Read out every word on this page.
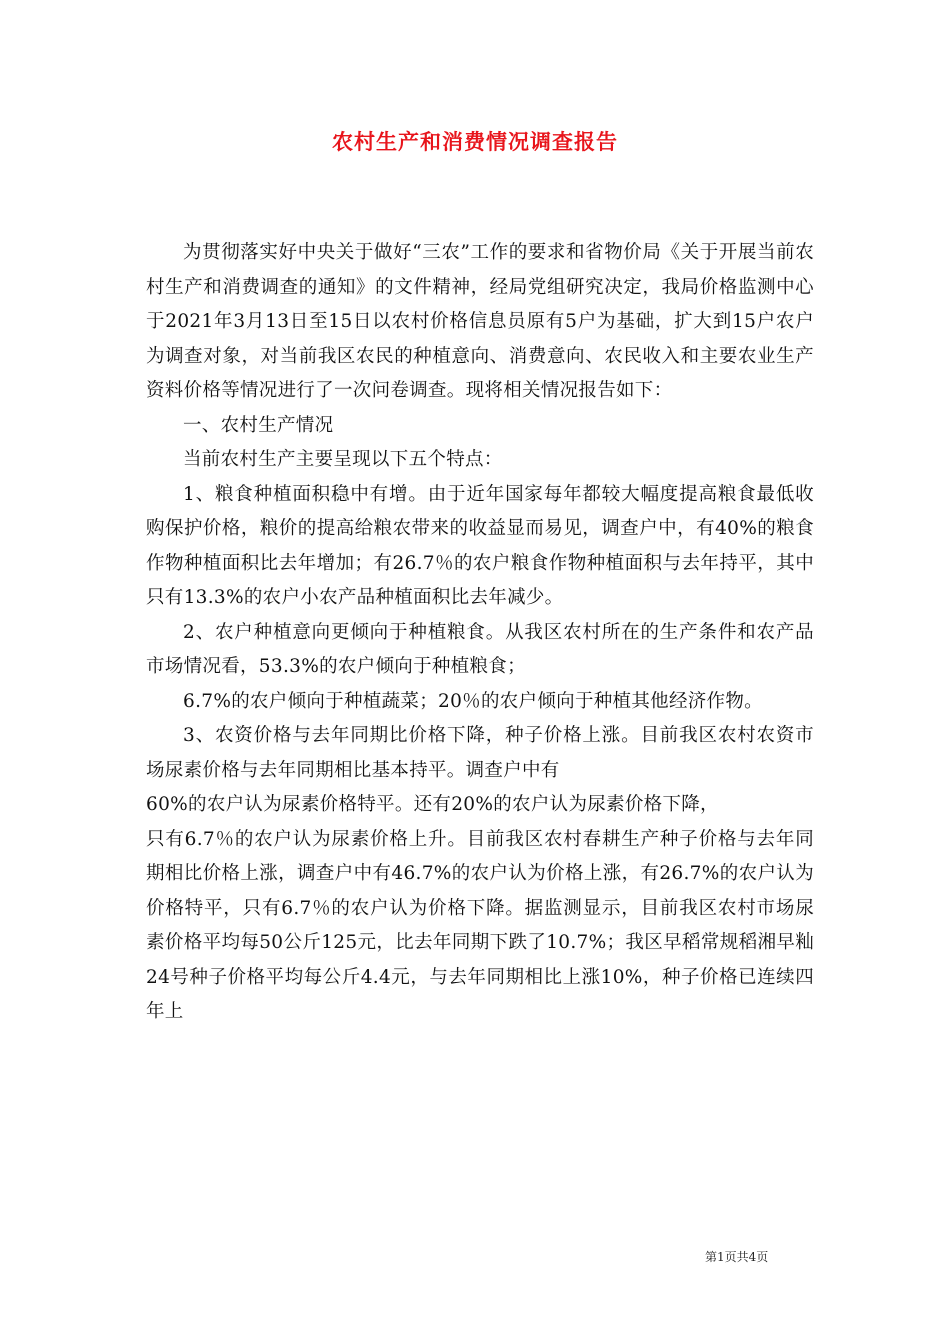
农村生产和消费情况调查报告

为贯彻落实好中央关于做好“三农”工作的要求和省物价局《关于开展当前农村生产和消费调查的通知》的文件精神，经局党组研究决定，我局价格监测中心于2021年3月13日至15日以农村价格信息员原有5户为基础，扩大到15户农户为调查对象，对当前我区农民的种植意向、消费意向、农民收入和主要农业生产资料价格等情况进行了一次问卷调查。现将相关情况报告如下：

一、农村生产情况

当前农村生产主要呈现以下五个特点：

1、粮食种植面积稳中有增。由于近年国家每年都较大幅度提高粮食最低收购保护价格，粮价的提高给粮农带来的收益显而易见，调查户中，有40%的粮食作物种植面积比去年增加；有26.7％的农户粮食作物种植面积与去年持平，其中只有13.3%的农户小农产品种植面积比去年减少。

2、农户种植意向更倾向于种植粮食。从我区农村所在的生产条件和农产品市场情况看，53.3%的农户倾向于种植粮食；

6.7%的农户倾向于种植蔬菜；20％的农户倾向于种植其他经济作物。

3、农资价格与去年同期比价格下降，种子价格上涨。目前我区农村农资市场尿素价格与去年同期相比基本持平。调查户中有

60%的农户认为尿素价格特平。还有20%的农户认为尿素价格下降，

只有6.7％的农户认为尿素价格上升。目前我区农村春耕生产种子价格与去年同期相比价格上涨，调查户中有46.7%的农户认为价格上涨，有26.7%的农户认为价格特平，只有6.7％的农户认为价格下降。据监测显示，目前我区农村市场尿素价格平均每50公斤125元，比去年同期下跌了10.7%；我区早稻常规稻湘早籼24号种子价格平均每公斤4.4元，与去年同期相比上涨10%，种子价格已连续四年上

第1页共4页
